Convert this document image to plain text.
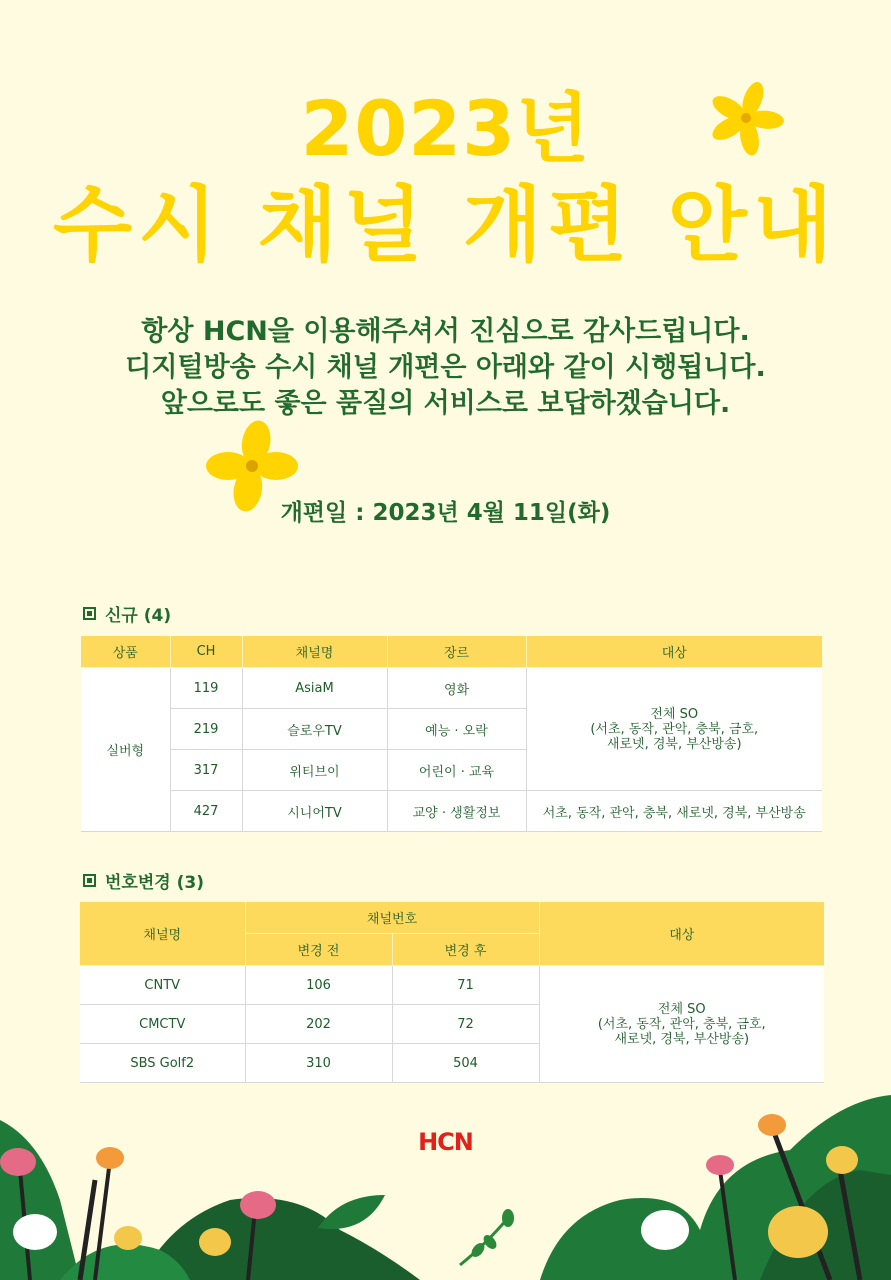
2023년
수시 채널 개편 안내
항상 HCN을 이용해주셔서 진심으로 감사드립니다.
디지털방송 수시 채널 개편은 아래와 같이 시행됩니다.
앞으로도 좋은 품질의 서비스로 보답하겠습니다.
개편일 : 2023년 4월 11일(화)
신규 (4)
상품	CH	채널명	장르	대상
실버형	119	AsiaM	영화	전체 SO
(서초, 동작, 관악, 충북, 금호,
새로넷, 경북, 부산방송)
	219	슬로우TV	예능 · 오락	
	317	위티브이	어린이 · 교육	
	427	시니어TV	교양 · 생활정보	서초, 동작, 관악, 충북, 새로넷, 경북, 부산방송
번호변경 (3)
채널명	채널번호		대상
	변경 전	변경 후	
CNTV	106	71	전체 SO
(서초, 동작, 관악, 충북, 금호,
새로넷, 경북, 부산방송)
CMCTV	202	72	
SBS Golf2	310	504	
HCN
